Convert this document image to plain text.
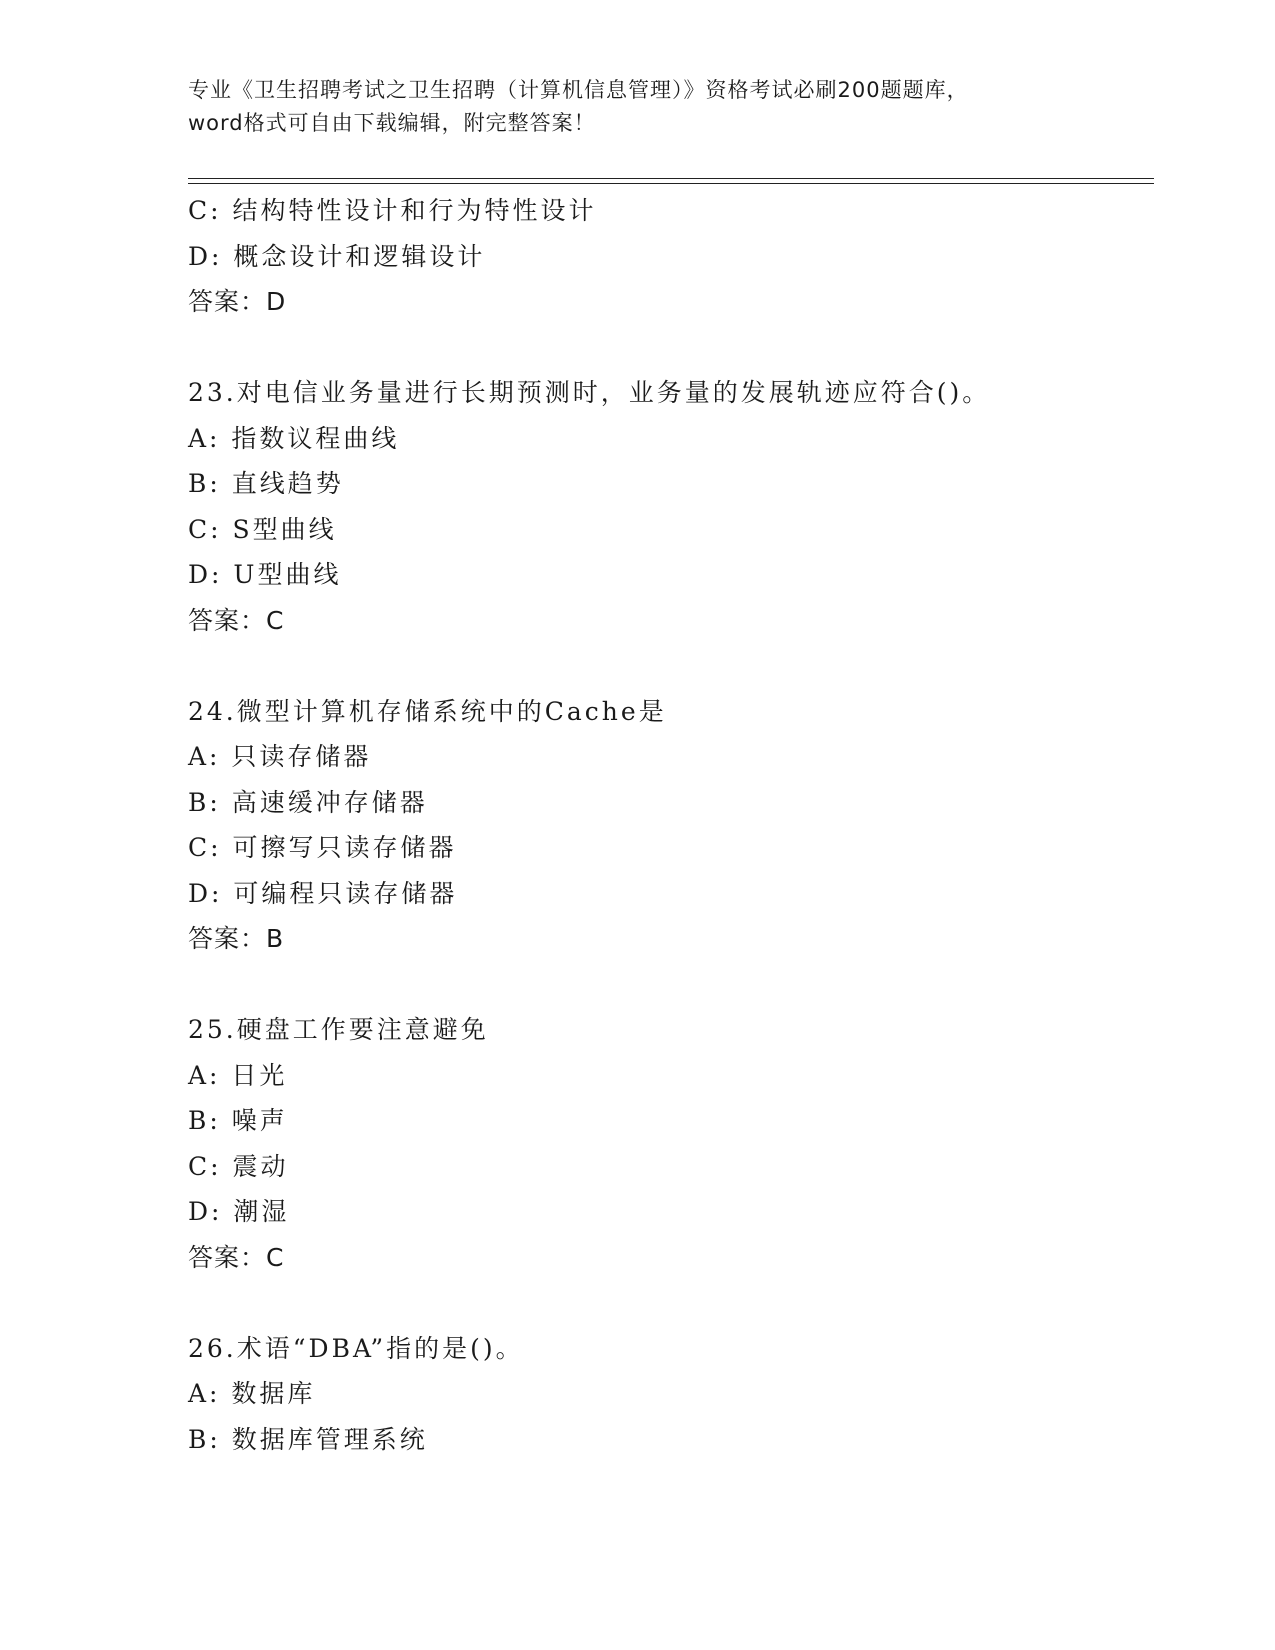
专业《卫生招聘考试之卫生招聘（计算机信息管理）》资格考试必刷200题题库，
word格式可自由下载编辑，附完整答案！
C: 结构特性设计和行为特性设计
D: 概念设计和逻辑设计
答案：D
23.对电信业务量进行长期预测时，业务量的发展轨迹应符合()。
A: 指数议程曲线
B: 直线趋势
C: S型曲线
D: U型曲线
答案：C
24.微型计算机存储系统中的Cache是
A: 只读存储器
B: 高速缓冲存储器
C: 可擦写只读存储器
D: 可编程只读存储器
答案：B
25.硬盘工作要注意避免
A: 日光
B: 噪声
C: 震动
D: 潮湿
答案：C
26.术语“DBA”指的是()。
A: 数据库
B: 数据库管理系统
